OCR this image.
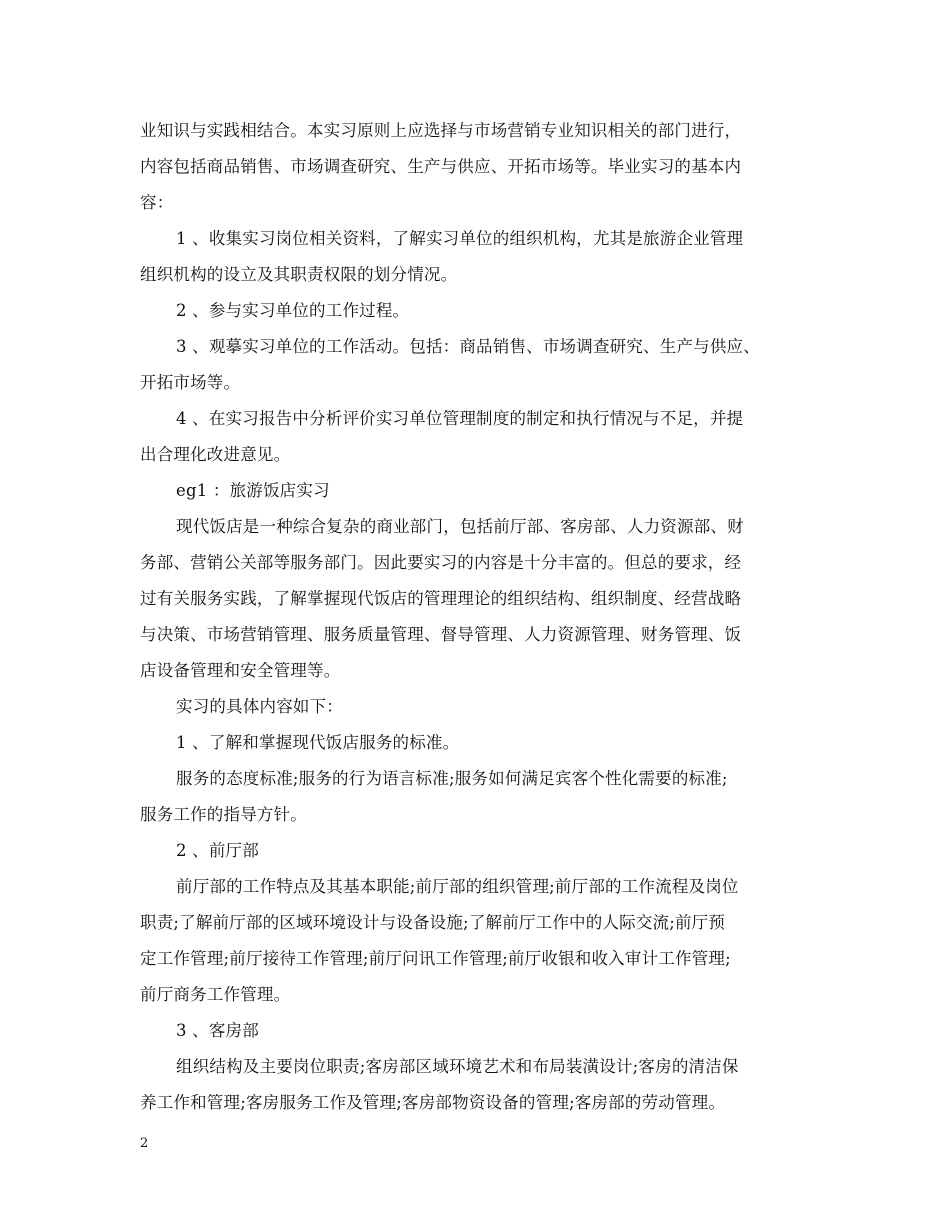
业知识与实践相结合。本实习原则上应选择与市场营销专业知识相关的部门进行，
内容包括商品销售、市场调查研究、生产与供应、开拓市场等。毕业实习的基本内
容：
1 、收集实习岗位相关资料，了解实习单位的组织机构，尤其是旅游企业管理
组织机构的设立及其职责权限的划分情况。
2 、参与实习单位的工作过程。
3 、观摹实习单位的工作活动。包括：商品销售、市场调查研究、生产与供应、
开拓市场等。
4 、在实习报告中分析评价实习单位管理制度的制定和执行情况与不足，并提
出合理化改进意见。
eg1 ：旅游饭店实习
现代饭店是一种综合复杂的商业部门，包括前厅部、客房部、人力资源部、财
务部、营销公关部等服务部门。因此要实习的内容是十分丰富的。但总的要求，经
过有关服务实践，了解掌握现代饭店的管理理论的组织结构、组织制度、经营战略
与决策、市场营销管理、服务质量管理、督导管理、人力资源管理、财务管理、饭
店设备管理和安全管理等。
实习的具体内容如下：
1 、了解和掌握现代饭店服务的标准。
服务的态度标准;服务的行为语言标准;服务如何满足宾客个性化需要的标准;
服务工作的指导方针。
2 、前厅部
前厅部的工作特点及其基本职能;前厅部的组织管理;前厅部的工作流程及岗位
职责;了解前厅部的区域环境设计与设备设施;了解前厅工作中的人际交流;前厅预
定工作管理;前厅接待工作管理;前厅问讯工作管理;前厅收银和收入审计工作管理;
前厅商务工作管理。
3 、客房部
组织结构及主要岗位职责;客房部区域环境艺术和布局装潢设计;客房的清洁保
养工作和管理;客房服务工作及管理;客房部物资设备的管理;客房部的劳动管理。
2
